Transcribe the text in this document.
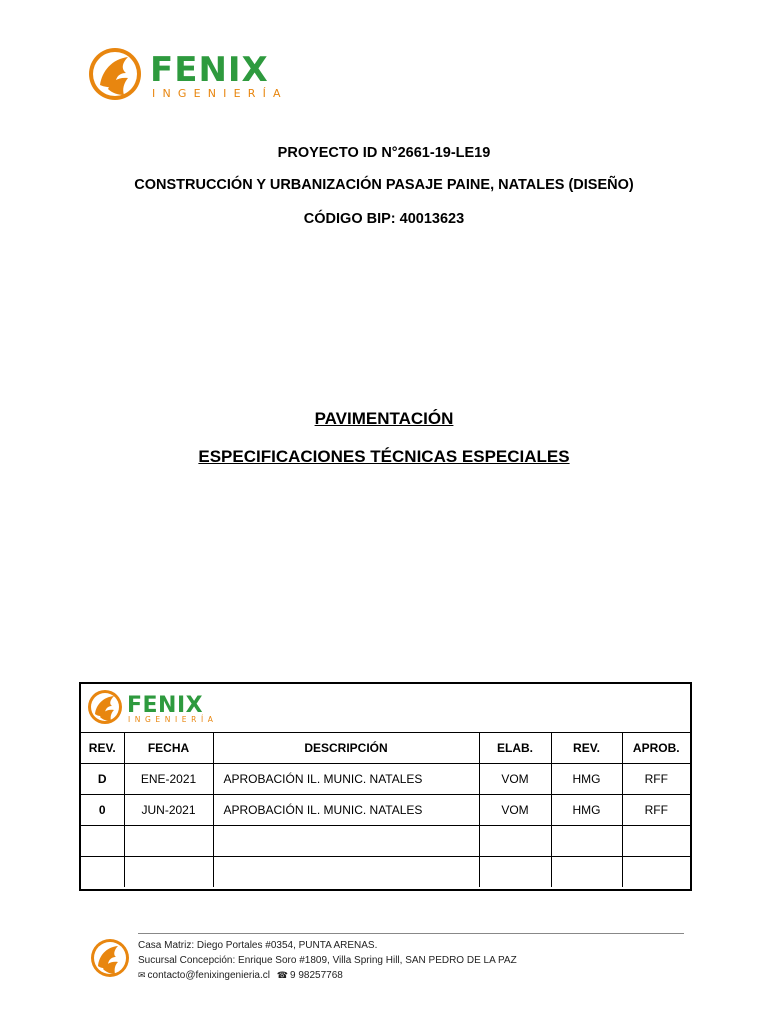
FENIX
INGENIERÍA
PROYECTO ID N°2661-19-LE19
CONSTRUCCIÓN Y URBANIZACIÓN PASAJE PAINE, NATALES (DISEÑO)
CÓDIGO BIP: 40013623
PAVIMENTACIÓN
ESPECIFICACIONES TÉCNICAS ESPECIALES
FENIX
INGENIERÍA
REV.	FECHA	DESCRIPCIÓN	ELAB.	REV.	APROB.
D	ENE-2021	APROBACIÓN IL. MUNIC. NATALES	VOM	HMG	RFF
0	JUN-2021	APROBACIÓN IL. MUNIC. NATALES	VOM	HMG	RFF

Casa Matriz: Diego Portales #0354, PUNTA ARENAS.
Sucursal Concepción: Enrique Soro #1809, Villa Spring Hill, SAN PEDRO DE LA PAZ
✉ contacto@fenixingenieria.cl ☎ 9 98257768
